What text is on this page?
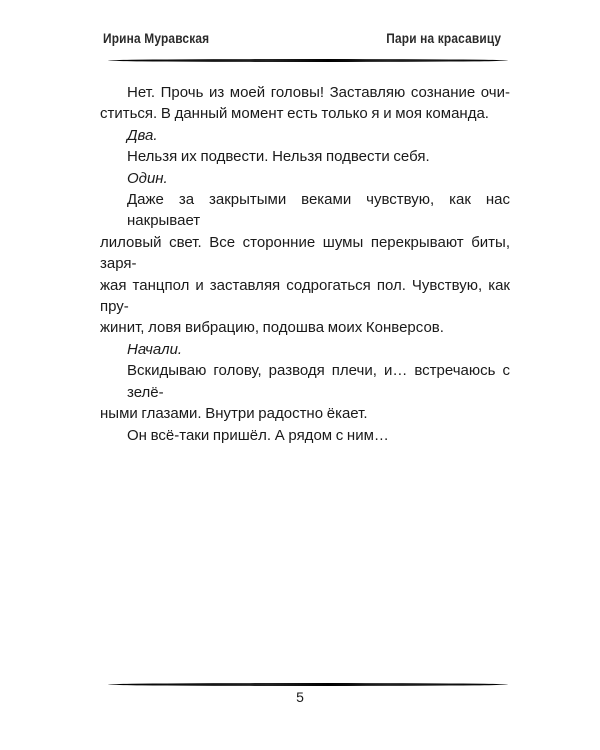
Ирина Муравская	Пари на красавицу
Нет. Прочь из моей головы! Заставляю сознание очи-
ститься. В данный момент есть только я и моя команда.
Два.
Нельзя их подвести. Нельзя подвести себя.
Один.
Даже за закрытыми веками чувствую, как нас накрывает
лиловый свет. Все сторонние шумы перекрывают биты, заря-
жая танцпол и заставляя содрогаться пол. Чувствую, как пру-
жинит, ловя вибрацию, подошва моих Конверсов.
Начали.
Вскидываю голову, разводя плечи, и… встречаюсь с зелё-
ными глазами. Внутри радостно ёкает.
Он всё-таки пришёл. А рядом с ним…
5
